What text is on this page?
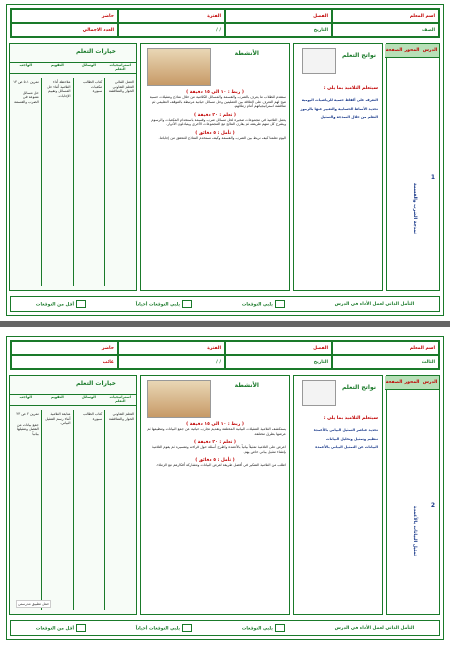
اسم المعلم
الفصل
الفترة
حاضر
الصف
التاريخ
/ /
العدد الاجمالي
الدرس
المحور
الصفحة
1
نمذجة الضرب والقسمة
نواتج التعلم
سيتعلم التلاميذ بما يلي :
التعرف على ألفاظ حسية للرياضيات اليومية
تحديد الأنماط الحسابية والتعبير عنها بالرموز
التعلم من خلال النمذجة والتمثيل
الأنشطة
( ربط : ١٠ الى ١٥ دقيقة )
ستقدم للطلاب ما يعرف بالضرب والقسمة والمسائل الكلامية من خلال نماذج وتمثيلات حسية تتيح لهم التعرف على العلاقة بين العمليتين وحل مسائل حياتية مرتبطة بالموقف التعليمي ثم مناقشة استراتيجياتهم أمام زملائهم.
( تعلم : ٢٠ دقيقة )
يعمل التلاميذ في مجموعات صغيرة لحل مسائل ضرب وقسمة باستخدام المكعبات والرسوم ويشرح كل منهم طريقته ثم يقارن النتائج مع المجموعات الأخرى ويتبادلون الأدوار.
( تأمل : ٥ دقائق )
اليوم تعلمنا كيف نربط بين الضرب والقسمة وكيف نستخدم النماذج للتحقق من إجاباتنا.
خيارات التعلم
استراتيجيات التعلم
الوسائل
التقويم
الواجب
العمل الثنائي
التعلم التعاوني
الحوار والمناقشة
كتاب الطالب
مكعبات
سبورة
ملاحظة أداء التلاميذ أثناء حل المسائل وتقييم الإجابات.
تمرين ١-٥ ص ١٣
حل مسائل متنوعة في الضرب والقسمة
التأمل الذاتي لعمل الأداء في الدرس
يلبي التوقعات
يلبي التوقعات أحياناً
أقل من التوقعات
اسم المعلم
الفصل
الفترة
حاضر
الثالث
التاريخ
/ /
غائب
الدرس
المحور
الصفحة
2
تمثيل البيانات بالأعمدة
نواتج التعلم
سيتعلم التلاميذ بما يلي :
تحديد عناصر التمثيل البياني بالأعمدة
تنظيم وتمثيل وتحليل البيانات
البيانات عن التمثيل البياني بالأعمدة
الأنشطة
( ربط : ١٠ الى ١٥ دقيقة )
يستكشف التلاميذ التمثيلات البيانية المختلفة وتقديم تجارب حياتية عن جمع البيانات وتنظيمها ثم عرضها بطرق مختلفة.
( تعلم : ٢٠ دقيقة )
اعرض على التلاميذ تمثيلاً بيانياً بالأعمدة واطرح أسئلة حول قراءته وتفسيره ثم يقوم التلاميذ بإنشاء تمثيل بياني خاص بهم.
( تأمل : ٥ دقائق )
اطلب من التلاميذ التفكير في أفضل طريقة لعرض البيانات ومشاركة أفكارهم مع الزملاء.
خيارات التعلم
استراتيجيات التعلم
الوسائل
التقويم
الواجب
التعلم التعاوني
الحوار والمناقشة
كتاب الطالب
سبورة
متابعة التلاميذ أثناء رسم التمثيل البياني.
تمرين ٢ ص ٢٣
جمع بيانات من الفصل وتمثيلها بيانياً
حمل تطبيق مدرستي
التأمل الذاتي لعمل الأداء في الدرس
يلبي التوقعات
يلبي التوقعات أحياناً
أقل من التوقعات
